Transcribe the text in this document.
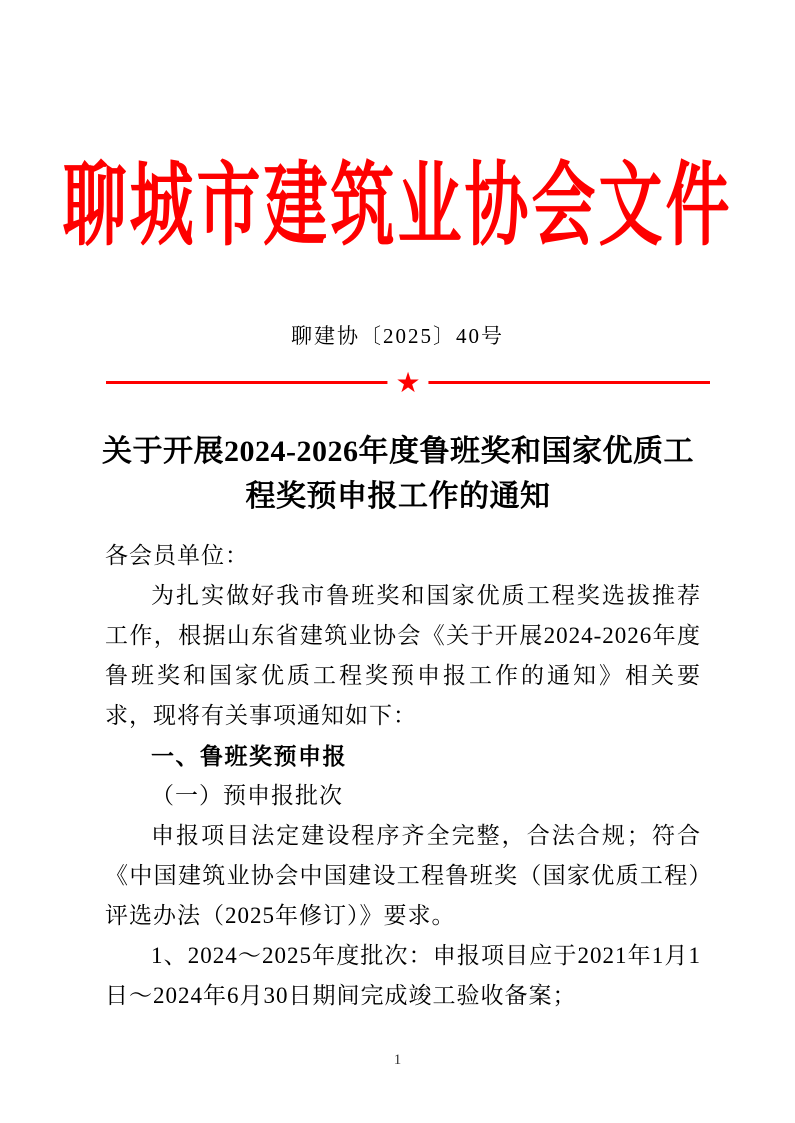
聊城市建筑业协会文件
聊建协〔2025〕40号
★
关于开展2024-2026年度鲁班奖和国家优质工程奖预申报工作的通知

各会员单位：

为扎实做好我市鲁班奖和国家优质工程奖选拔推荐工作，根据山东省建筑业协会《关于开展2024-2026年度鲁班奖和国家优质工程奖预申报工作的通知》相关要求，现将有关事项通知如下：

一、鲁班奖预申报

（一）预申报批次

申报项目法定建设程序齐全完整，合法合规；符合《中国建筑业协会中国建设工程鲁班奖（国家优质工程）评选办法（2025年修订）》要求。

1、2024～2025年度批次：申报项目应于2021年1月1日～2024年6月30日期间完成竣工验收备案；

1
